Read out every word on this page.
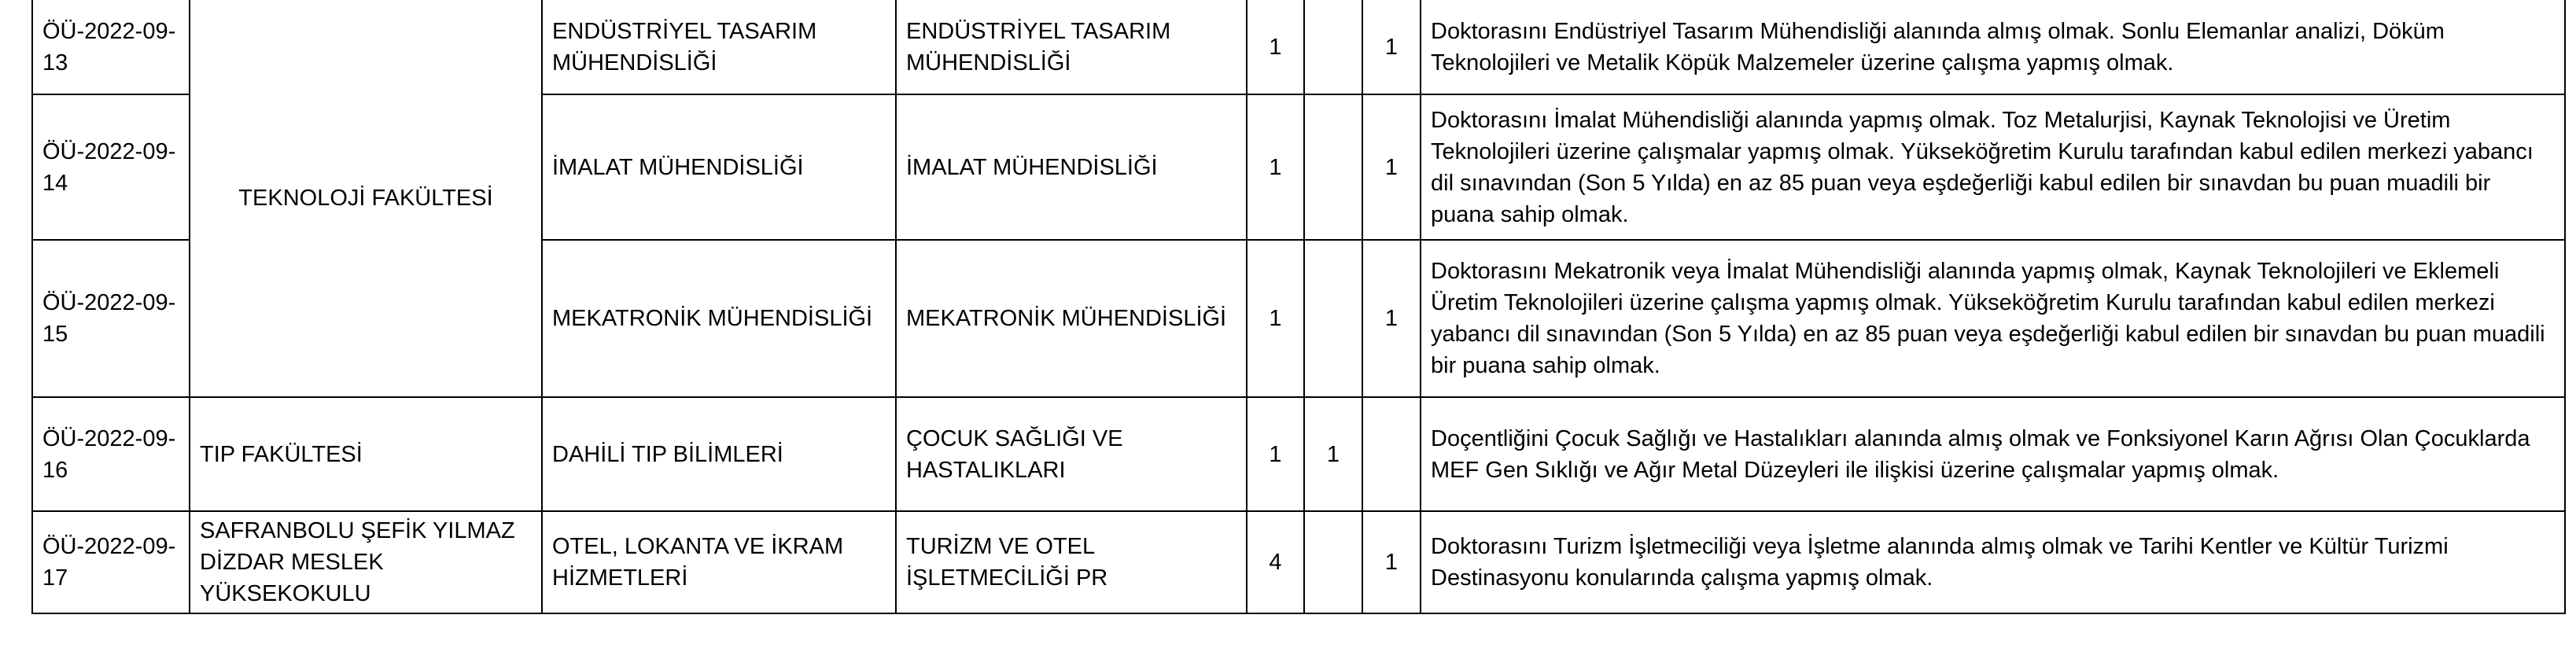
ÖÜ-2022-09-13	TEKNOLOJİ FAKÜLTESİ	ENDÜSTRİYEL TASARIM MÜHENDİSLİĞİ	ENDÜSTRİYEL TASARIM MÜHENDİSLİĞİ	1		1	Doktorasını Endüstriyel Tasarım Mühendisliği alanında almış olmak. Sonlu Elemanlar analizi, Döküm Teknolojileri ve Metalik Köpük Malzemeler üzerine çalışma yapmış olmak.
ÖÜ-2022-09-14		İMALAT MÜHENDİSLİĞİ	İMALAT MÜHENDİSLİĞİ	1		1	Doktorasını İmalat Mühendisliği alanında yapmış olmak. Toz Metalurjisi, Kaynak Teknolojisi ve Üretim Teknolojileri üzerine çalışmalar yapmış olmak. Yükseköğretim Kurulu tarafından kabul edilen merkezi yabancı dil sınavından (Son 5 Yılda) en az 85 puan veya eşdeğerliği kabul edilen bir sınavdan bu puan muadili bir puana sahip olmak.
ÖÜ-2022-09-15		MEKATRONİK MÜHENDİSLİĞİ	MEKATRONİK MÜHENDİSLİĞİ	1		1	Doktorasını Mekatronik veya İmalat Mühendisliği alanında yapmış olmak, Kaynak Teknolojileri ve Eklemeli Üretim Teknolojileri üzerine çalışma yapmış olmak. Yükseköğretim Kurulu tarafından kabul edilen merkezi yabancı dil sınavından (Son 5 Yılda) en az 85 puan veya eşdeğerliği kabul edilen bir sınavdan bu puan muadili bir puana sahip olmak.
ÖÜ-2022-09-16	TIP FAKÜLTESİ	DAHİLİ TIP BİLİMLERİ	ÇOCUK SAĞLIĞI VE HASTALIKLARI	1	1		Doçentliğini Çocuk Sağlığı ve Hastalıkları alanında almış olmak ve Fonksiyonel Karın Ağrısı Olan Çocuklarda MEF Gen Sıklığı ve Ağır Metal Düzeyleri ile ilişkisi üzerine çalışmalar yapmış olmak.
ÖÜ-2022-09-17	SAFRANBOLU ŞEFİK YILMAZ DİZDAR MESLEK YÜKSEKOKULU	OTEL, LOKANTA VE İKRAM HİZMETLERİ	TURİZM VE OTEL İŞLETMECİLİĞİ PR	4		1	Doktorasını Turizm İşletmeciliği veya İşletme alanında almış olmak ve Tarihi Kentler ve Kültür Turizmi Destinasyonu konularında çalışma yapmış olmak.
